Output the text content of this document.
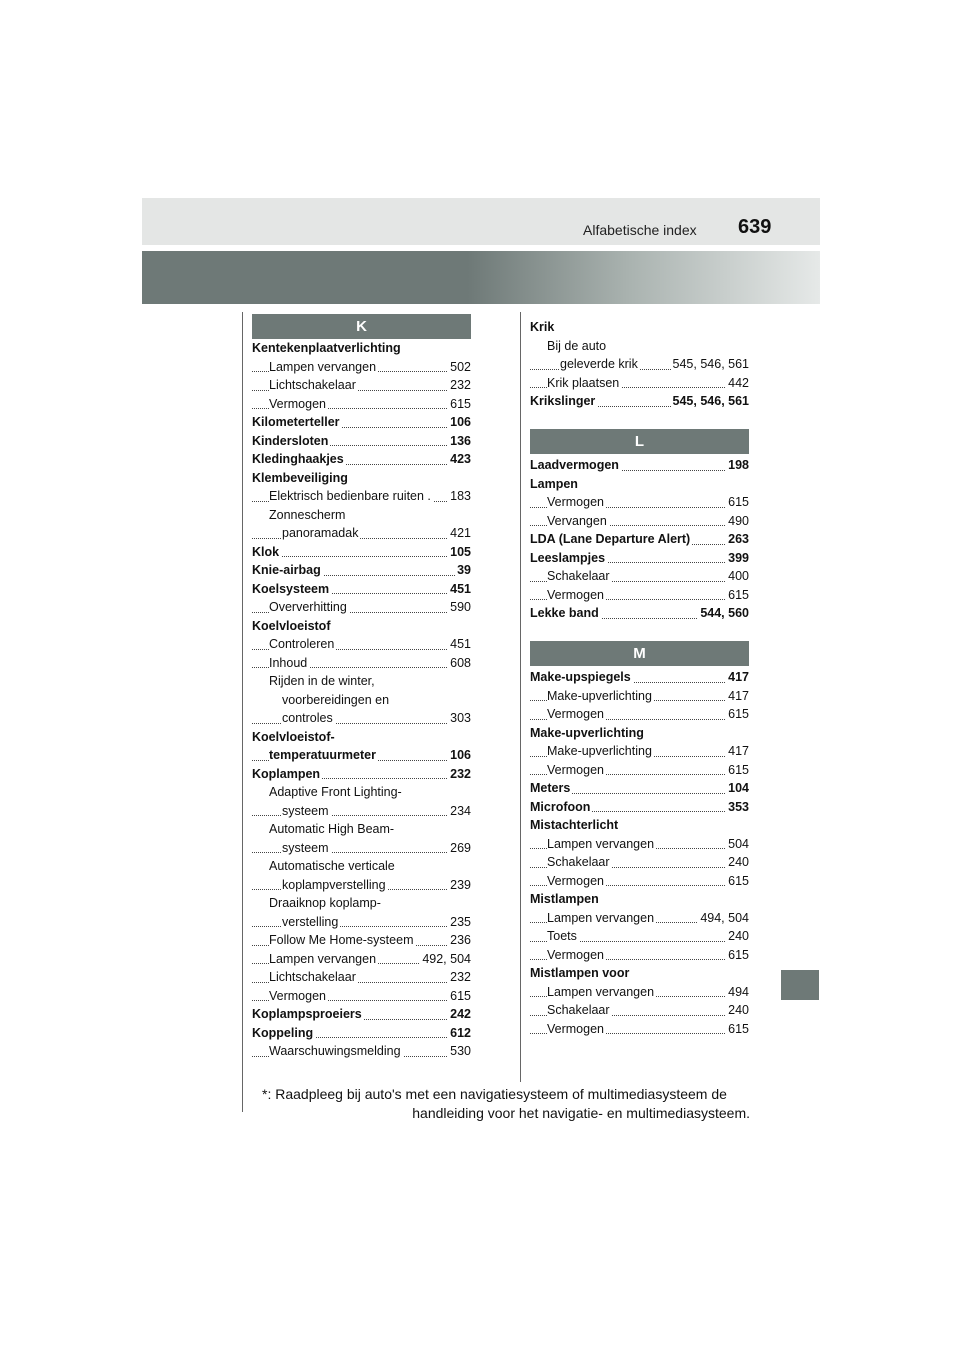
Alfabetische index 639
K
L
M
Kentekenplaatverlichting
Lampen vervangen	502
Lichtschakelaar	232
Vermogen	615
Kilometerteller	106
Kindersloten	136
Kledinghaakjes	423
Klembeveiliging
Elektrisch bedienbare ruiten . 183
Zonnescherm
panoramadak	421
Klok	105
Knie-airbag	39
Koelsysteem	451
Oververhitting	590
Koelvloeistof
Controleren	451
Inhoud	608
Rijden in de winter,
voorbereidingen en
controles	303
Koelvloeistof-
temperatuurmeter	106
Koplampen	232
Adaptive Front Lighting-
systeem	234
Automatic High Beam-
systeem	269
Automatische verticale
koplampverstelling	239
Draaiknop koplamp-
verstelling	235
Follow Me Home-systeem	236
Lampen vervangen	492, 504
Lichtschakelaar	232
Vermogen	615
Koplampsproeiers	242
Koppeling	612
Waarschuwingsmelding	530
Krik
Bij de auto
geleverde krik	545, 546, 561
Krik plaatsen	442
Krikslinger	545, 546, 561
Laadvermogen	198
Lampen
Vermogen	615
Vervangen	490
LDA (Lane Departure Alert)	263
Leeslampjes	399
Schakelaar	400
Vermogen	615
Lekke band	544, 560
Make-upspiegels	417
Make-upverlichting	417
Vermogen	615
Make-upverlichting
Make-upverlichting	417
Vermogen	615
Meters	104
Microfoon	353
Mistachterlicht
Lampen vervangen	504
Schakelaar	240
Vermogen	615
Mistlampen
Lampen vervangen	494, 504
Toets	240
Vermogen	615
Mistlampen voor
Lampen vervangen	494
Schakelaar	240
Vermogen	615
*: Raadpleeg bij auto's met een navigatiesysteem of multimediasysteem de
handleiding voor het navigatie- en multimediasysteem.
